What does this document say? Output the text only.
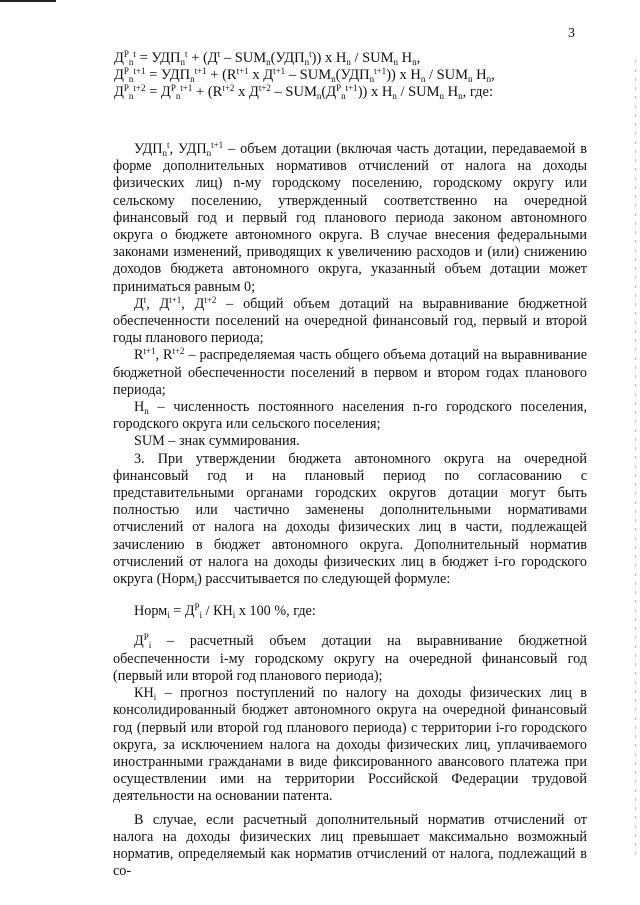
3
$Д^P_n^t = УДП_n^t + (Д^t - SUM_n(УДП_n^t))$ x $Н_n / SUM_n$ $Н_n$,
$Д^P_n^{t+1} = УДП_n^{t+1} + (R^{t+1}$ x $Д^{t+1} - SUM_n(УДП_n^{t+1})$) x $Н_n / SUM_n$ $Н_n$,
$Д^P_n^{t+2} = Д^P_n^{t+1} + (R^{t+2}$ x $Д^{t+2} - SUM_n(Д^P_n^{t+1})$) x $Н_n / SUM_n$ $Н_n$, где:

$УДП_n^t$, $УДП_n^{t+1}$ – объем дотации (включая часть дотации, передаваемой в форме дополнительных нормативов отчислений от налога на доходы физических лиц) n-му городскому поселению, городскому округу или сельскому поселению, утвержденный соответственно на очередной финансовый год и первый год планового периода законом автономного округа о бюджете автономного округа. В случае внесения федеральными законами изменений, приводящих к увеличению расходов и (или) снижению доходов бюджета автономного округа, указанный объем дотации может приниматься равным 0;

$Д^t$, $Д^{t+1}$, $Д^{t+2}$ – общий объем дотаций на выравнивание бюджетной обеспеченности поселений на очередной финансовый год, первый и второй годы планового периода;

$R^{t+1}$, $R^{t+2}$ – распределяемая часть общего объема дотаций на выравнивание бюджетной обеспеченности поселений в первом и втором годах планового периода;

$Н_n$ – численность постоянного населения n-го городского поселения, городского округа или сельского поселения;

SUM – знак суммирования.

3. При утверждении бюджета автономного округа на очередной финансовый год и на плановый период по согласованию с представительными органами городских округов дотации могут быть полностью или частично заменены дополнительными нормативами отчислений от налога на доходы физических лиц в части, подлежащей зачислению в бюджет автономного округа. Дополнительный норматив отчислений от налога на доходы физических лиц в бюджет i-го городского округа (Норм$_i$) рассчитывается по следующей формуле:

Норм$_i$ = $Д^P_i / КН_i$ x 100 %, где:

$Д^P_i$ – расчетный объем дотации на выравнивание бюджетной обеспеченности i-му городскому округу на очередной финансовый год (первый или второй год планового периода);

$КН_i$ – прогноз поступлений по налогу на доходы физических лиц в консолидированный бюджет автономного округа на очередной финансовый год (первый или второй год планового периода) с территории i-го городского округа, за исключением налога на доходы физических лиц, уплачиваемого иностранными гражданами в виде фиксированного авансового платежа при осуществлении ими на территории Российской Федерации трудовой деятельности на основании патента.

В случае, если расчетный дополнительный норматив отчислений от налога на доходы физических лиц превышает максимально возможный норматив, определяемый как норматив отчислений от налога, подлежащий в со-
